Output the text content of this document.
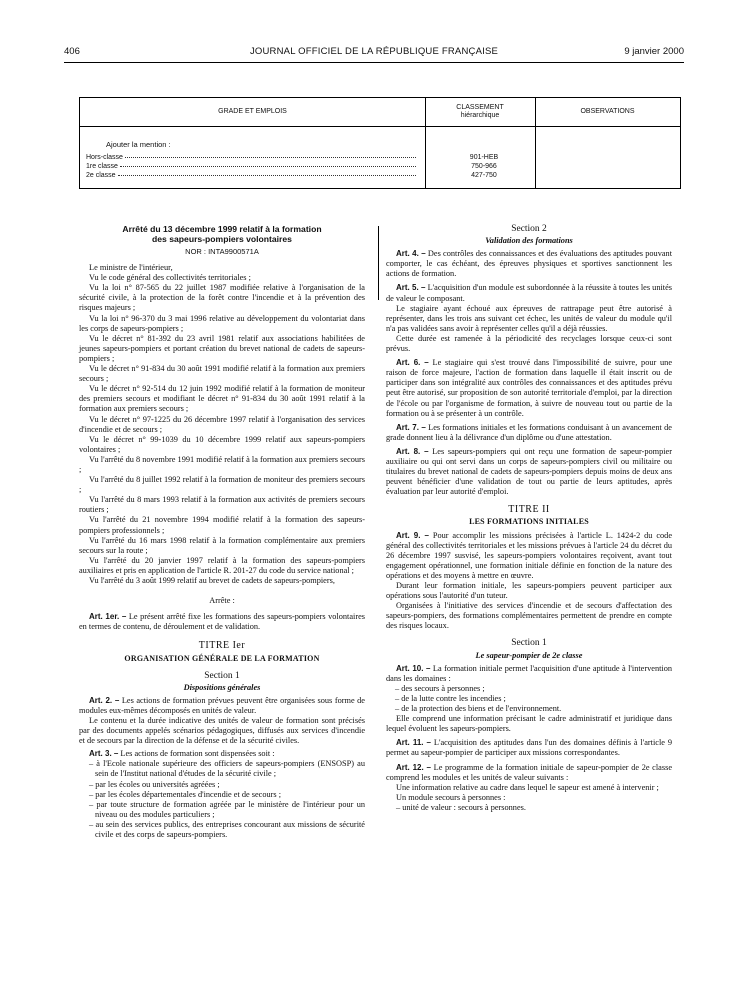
406	JOURNAL OFFICIEL DE LA RÉPUBLIQUE FRANÇAISE	9 janvier 2000
GRADE ET EMPLOIS
CLASSEMENT
hiérarchique
OBSERVATIONS
Ajouter la mention :
Hors-classe	901-HEB
1re classe	750-966
2e classe	427-750

Arrêté du 13 décembre 1999 relatif à la formation

des sapeurs-pompiers volontaires

NOR : INTA9900571A

Le ministre de l'intérieur,

Vu le code général des collectivités territoriales ;

Vu la loi n° 87-565 du 22 juillet 1987 modifiée relative à l'organisation de la sécurité civile, à la protection de la forêt contre l'incendie et à la prévention des risques majeurs ;

Vu la loi n° 96-370 du 3 mai 1996 relative au développement du volontariat dans les corps de sapeurs-pompiers ;

Vu le décret n° 81-392 du 23 avril 1981 relatif aux associations habilitées de jeunes sapeurs-pompiers et portant création du brevet national de cadets de sapeurs-pompiers ;

Vu le décret n° 91-834 du 30 août 1991 modifié relatif à la formation aux premiers secours ;

Vu le décret n° 92-514 du 12 juin 1992 modifié relatif à la formation de moniteur des premiers secours et modifiant le décret n° 91-834 du 30 août 1991 relatif à la formation aux premiers secours ;

Vu le décret n° 97-1225 du 26 décembre 1997 relatif à l'organisation des services d'incendie et de secours ;

Vu le décret n° 99-1039 du 10 décembre 1999 relatif aux sapeurs-pompiers volontaires ;

Vu l'arrêté du 8 novembre 1991 modifié relatif à la formation aux premiers secours ;

Vu l'arrêté du 8 juillet 1992 relatif à la formation de moniteur des premiers secours ;

Vu l'arrêté du 8 mars 1993 relatif à la formation aux activités de premiers secours routiers ;

Vu l'arrêté du 21 novembre 1994 modifié relatif à la formation des sapeurs-pompiers professionnels ;

Vu l'arrêté du 16 mars 1998 relatif à la formation complémentaire aux premiers secours sur la route ;

Vu l'arrêté du 20 janvier 1997 relatif à la formation des sapeurs-pompiers auxiliaires et pris en application de l'article R. 201-27 du code du service national ;

Vu l'arrêté du 3 août 1999 relatif au brevet de cadets de sapeurs-pompiers,

Arrête :

Art. 1er. – Le présent arrêté fixe les formations des sapeurs-pompiers volontaires en termes de contenu, de déroulement et de validation.

TITRE Ier

ORGANISATION GÉNÉRALE DE LA FORMATION

Section 1

Dispositions générales

Art. 2. – Les actions de formation prévues peuvent être organisées sous forme de modules eux-mêmes décomposés en unités de valeur.

Le contenu et la durée indicative des unités de valeur de formation sont précisés par des documents appelés scénarios pédagogiques, diffusés aux services d'incendie et de secours par la direction de la défense et de la sécurité civiles.

Art. 3. – Les actions de formation sont dispensées soit :

– à l'Ecole nationale supérieure des officiers de sapeurs-pompiers (ENSOSP) au sein de l'Institut national d'études de la sécurité civile ;

– par les écoles ou universités agréées ;

– par les écoles départementales d'incendie et de secours ;

– par toute structure de formation agréée par le ministère de l'intérieur pour un niveau ou des modules particuliers ;

– au sein des services publics, des entreprises concourant aux missions de sécurité civile et des corps de sapeurs-pompiers.

Section 2

Validation des formations

Art. 4. – Des contrôles des connaissances et des évaluations des aptitudes pouvant comporter, le cas échéant, des épreuves physiques et sportives sanctionnent les actions de formation.

Art. 5. – L'acquisition d'un module est subordonnée à la réussite à toutes les unités de valeur le composant.

Le stagiaire ayant échoué aux épreuves de rattrapage peut être autorisé à représenter, dans les trois ans suivant cet échec, les unités de valeur du module qu'il n'a pas validées sans avoir à représenter celles qu'il a déjà réussies.

Cette durée est ramenée à la périodicité des recyclages lorsque ceux-ci sont prévus.

Art. 6. – Le stagiaire qui s'est trouvé dans l'impossibilité de suivre, pour une raison de force majeure, l'action de formation dans laquelle il était inscrit ou de participer dans son intégralité aux contrôles des connaissances et des aptitudes prévu peut être autorisé, sur proposition de son autorité territoriale d'emploi, par la direction de l'école ou par l'organisme de formation, à suivre de nouveau tout ou partie de la formation ou à se présenter à un contrôle.

Art. 7. – Les formations initiales et les formations conduisant à un avancement de grade donnent lieu à la délivrance d'un diplôme ou d'une attestation.

Art. 8. – Les sapeurs-pompiers qui ont reçu une formation de sapeur-pompier auxiliaire ou qui ont servi dans un corps de sapeurs-pompiers civil ou militaire ou titulaires du brevet national de cadets de sapeurs-pompiers depuis moins de deux ans peuvent bénéficier d'une validation de tout ou partie de leurs aptitudes, après évaluation par leur autorité d'emploi.

TITRE II

LES FORMATIONS INITIALES

Art. 9. – Pour accomplir les missions précisées à l'article L. 1424-2 du code général des collectivités territoriales et les missions prévues à l'article 24 du décret du 26 décembre 1997 susvisé, les sapeurs-pompiers volontaires reçoivent, avant tout engagement opérationnel, une formation initiale définie en fonction de la nature des opérations et des moyens à mettre en œuvre.

Durant leur formation initiale, les sapeurs-pompiers peuvent participer aux opérations sous l'autorité d'un tuteur.

Organisées à l'initiative des services d'incendie et de secours d'affectation des sapeurs-pompiers, des formations complémentaires permettent de prendre en compte des risques locaux.

Section 1

Le sapeur-pompier de 2e classe

Art. 10. – La formation initiale permet l'acquisition d'une aptitude à l'intervention dans les domaines :

– des secours à personnes ;

– de la lutte contre les incendies ;

– de la protection des biens et de l'environnement.

Elle comprend une information précisant le cadre administratif et juridique dans lequel évoluent les sapeurs-pompiers.

Art. 11. – L'acquisition des aptitudes dans l'un des domaines définis à l'article 9 permet au sapeur-pompier de participer aux missions correspondantes.

Art. 12. – Le programme de la formation initiale de sapeur-pompier de 2e classe comprend les modules et les unités de valeur suivants :

Une information relative au cadre dans lequel le sapeur est amené à intervenir ;

Un module secours à personnes :

– unité de valeur : secours à personnes.
